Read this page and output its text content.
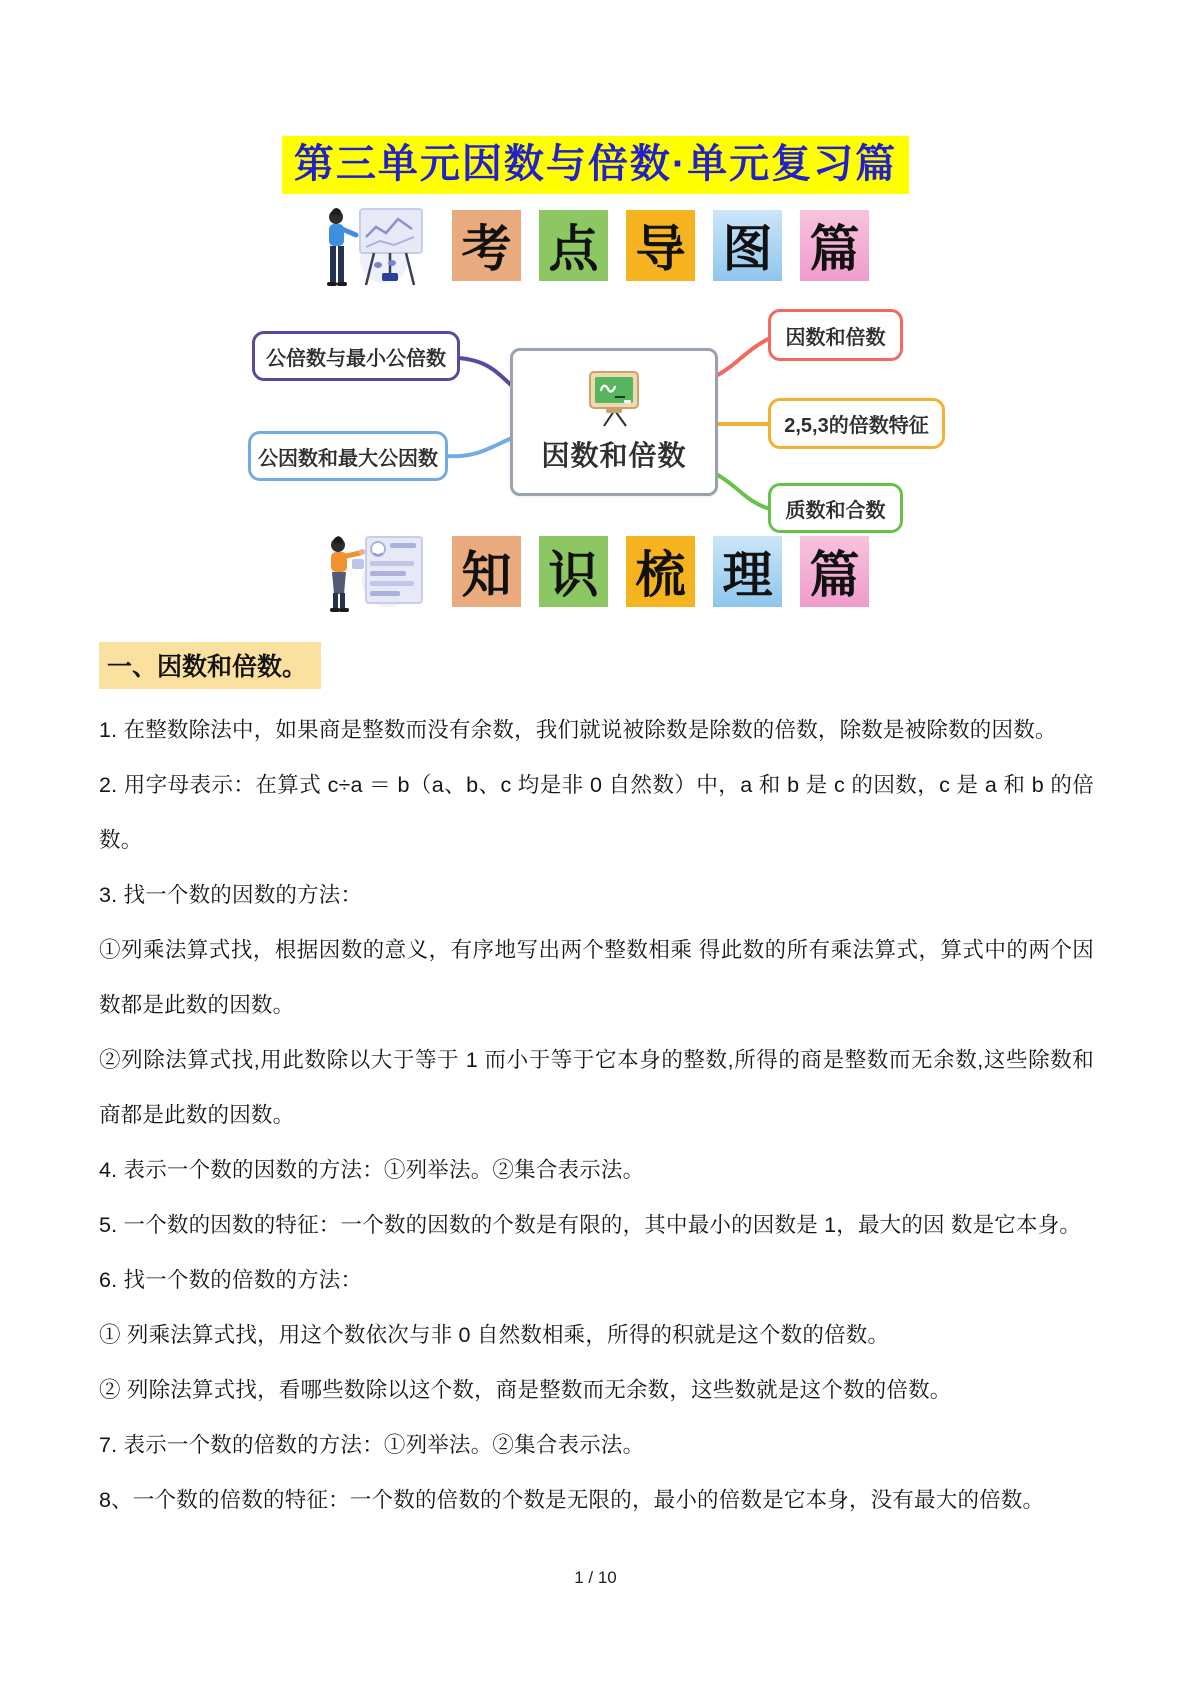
第三单元因数与倍数·单元复习篇
考 点 导 图 篇
因数和倍数
公倍数与最小公倍数
公因数和最大公因数
因数和倍数
2,5,3的倍数特征
质数和合数
知 识 梳 理 篇
一、因数和倍数。
1. 在整数除法中，如果商是整数而没有余数，我们就说被除数是除数的倍数，除数是被除数的因数。
2. 用字母表示：在算式 c÷a ＝ b（a、b、c 均是非 0 自然数）中，a 和 b 是 c 的因数，c 是 a 和 b 的倍数。
3. 找一个数的因数的方法：
①列乘法算式找，根据因数的意义，有序地写出两个整数相乘 得此数的所有乘法算式，算式中的两个因数都是此数的因数。
②列除法算式找,用此数除以大于等于 1 而小于等于它本身的整数,所得的商是整数而无余数,这些除数和商都是此数的因数。
4. 表示一个数的因数的方法：①列举法。②集合表示法。
5. 一个数的因数的特征：一个数的因数的个数是有限的，其中最小的因数是 1，最大的因 数是它本身。
6. 找一个数的倍数的方法：
① 列乘法算式找，用这个数依次与非 0 自然数相乘，所得的积就是这个数的倍数。
② 列除法算式找，看哪些数除以这个数，商是整数而无余数，这些数就是这个数的倍数。
7. 表示一个数的倍数的方法：①列举法。②集合表示法。
8、一个数的倍数的特征：一个数的倍数的个数是无限的，最小的倍数是它本身，没有最大的倍数。
1 / 10
